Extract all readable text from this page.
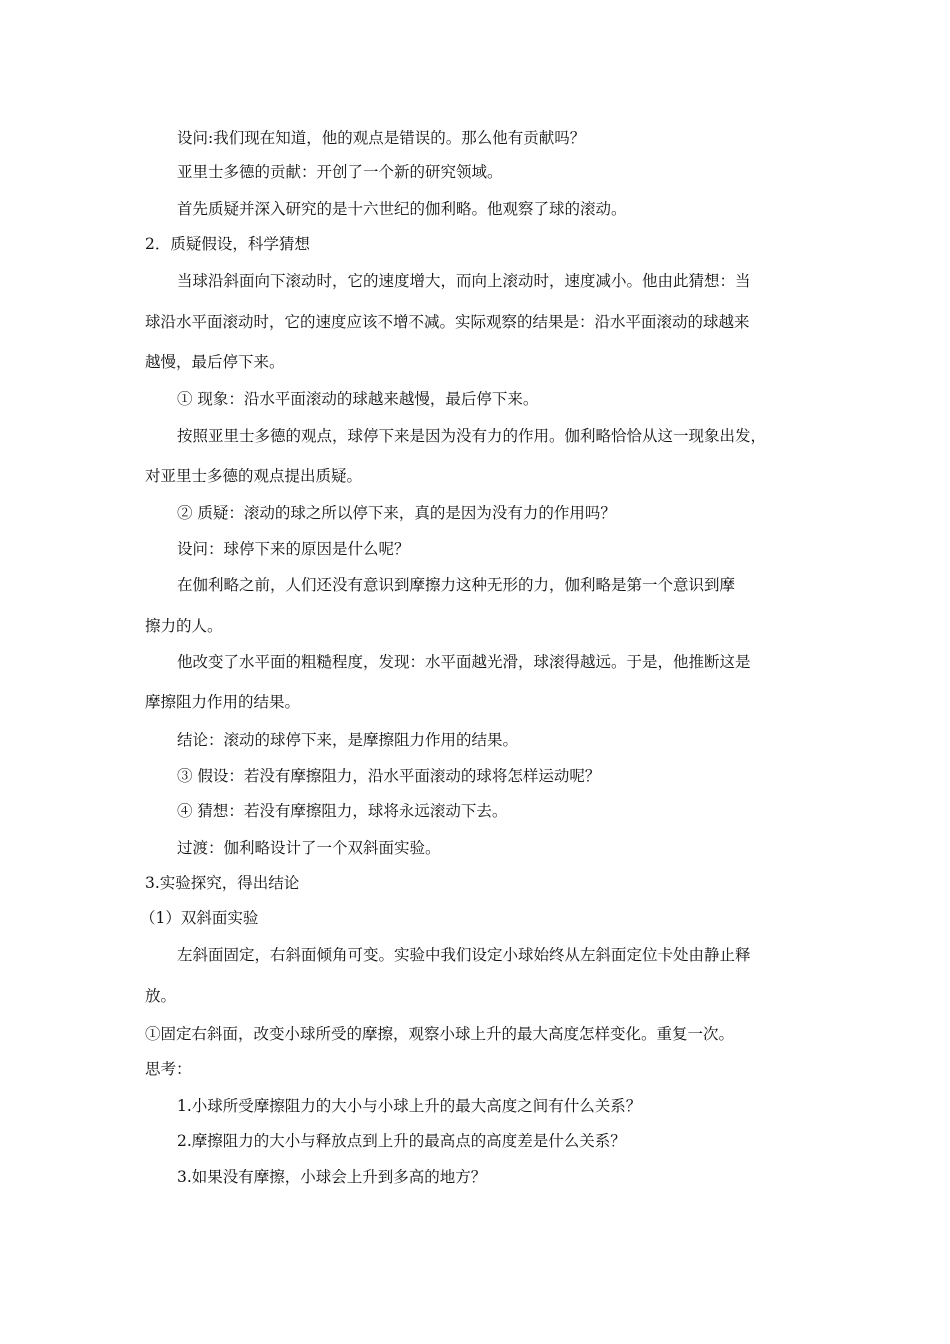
设问:我们现在知道，他的观点是错误的。那么他有贡献吗？
亚里士多德的贡献：开创了一个新的研究领域。
首先质疑并深入研究的是十六世纪的伽利略。他观察了球的滚动。
2．质疑假设，科学猜想
当球沿斜面向下滚动时，它的速度增大，而向上滚动时，速度减小。他由此猜想：当
球沿水平面滚动时，它的速度应该不增不减。实际观察的结果是：沿水平面滚动的球越来
越慢，最后停下来。
① 现象：沿水平面滚动的球越来越慢，最后停下来。
按照亚里士多德的观点，球停下来是因为没有力的作用。伽利略恰恰从这一现象出发，
对亚里士多德的观点提出质疑。
② 质疑：滚动的球之所以停下来，真的是因为没有力的作用吗？
设问：球停下来的原因是什么呢？
在伽利略之前，人们还没有意识到摩擦力这种无形的力，伽利略是第一个意识到摩
擦力的人。
他改变了水平面的粗糙程度，发现：水平面越光滑，球滚得越远。于是，他推断这是
摩擦阻力作用的结果。
结论：滚动的球停下来，是摩擦阻力作用的结果。
③ 假设：若没有摩擦阻力，沿水平面滚动的球将怎样运动呢？
④ 猜想：若没有摩擦阻力，球将永远滚动下去。
过渡：伽利略设计了一个双斜面实验。
3.实验探究，得出结论
（1）双斜面实验
左斜面固定，右斜面倾角可变。实验中我们设定小球始终从左斜面定位卡处由静止释
放。
①固定右斜面，改变小球所受的摩擦，观察小球上升的最大高度怎样变化。重复一次。
思考：
1.小球所受摩擦阻力的大小与小球上升的最大高度之间有什么关系？
2.摩擦阻力的大小与释放点到上升的最高点的高度差是什么关系？
3.如果没有摩擦，小球会上升到多高的地方？
